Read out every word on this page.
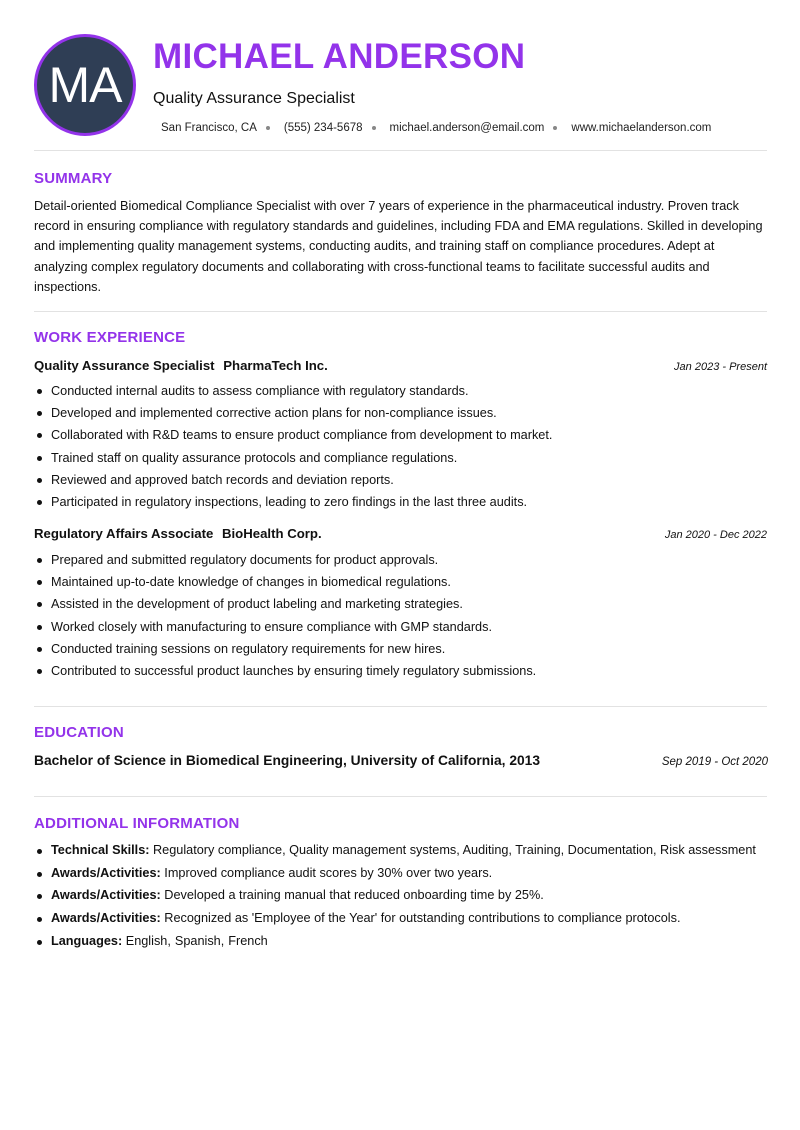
MA
MICHAEL ANDERSON
Quality Assurance Specialist
San Francisco, CA (555) 234-5678 michael.anderson@email.com www.michaelanderson.com
SUMMARY
Detail-oriented Biomedical Compliance Specialist with over 7 years of experience in the pharmaceutical industry. Proven track record in ensuring compliance with regulatory standards and guidelines, including FDA and EMA regulations. Skilled in developing and implementing quality management systems, conducting audits, and training staff on compliance procedures. Adept at analyzing complex regulatory documents and collaborating with cross-functional teams to facilitate successful audits and inspections.
WORK EXPERIENCE
Quality Assurance Specialist PharmaTech Inc.	Jan 2023 - Present
Conducted internal audits to assess compliance with regulatory standards.
Developed and implemented corrective action plans for non-compliance issues.
Collaborated with R&D teams to ensure product compliance from development to market.
Trained staff on quality assurance protocols and compliance regulations.
Reviewed and approved batch records and deviation reports.
Participated in regulatory inspections, leading to zero findings in the last three audits.
Regulatory Affairs Associate BioHealth Corp.	Jan 2020 - Dec 2022
Prepared and submitted regulatory documents for product approvals.
Maintained up-to-date knowledge of changes in biomedical regulations.
Assisted in the development of product labeling and marketing strategies.
Worked closely with manufacturing to ensure compliance with GMP standards.
Conducted training sessions on regulatory requirements for new hires.
Contributed to successful product launches by ensuring timely regulatory submissions.
EDUCATION
Bachelor of Science in Biomedical Engineering, University of California, 2013	Sep 2019 - Oct 2020
ADDITIONAL INFORMATION
Technical Skills: Regulatory compliance, Quality management systems, Auditing, Training, Documentation, Risk assessment
Awards/Activities: Improved compliance audit scores by 30% over two years.
Awards/Activities: Developed a training manual that reduced onboarding time by 25%.
Awards/Activities: Recognized as 'Employee of the Year' for outstanding contributions to compliance protocols.
Languages: English, Spanish, French
